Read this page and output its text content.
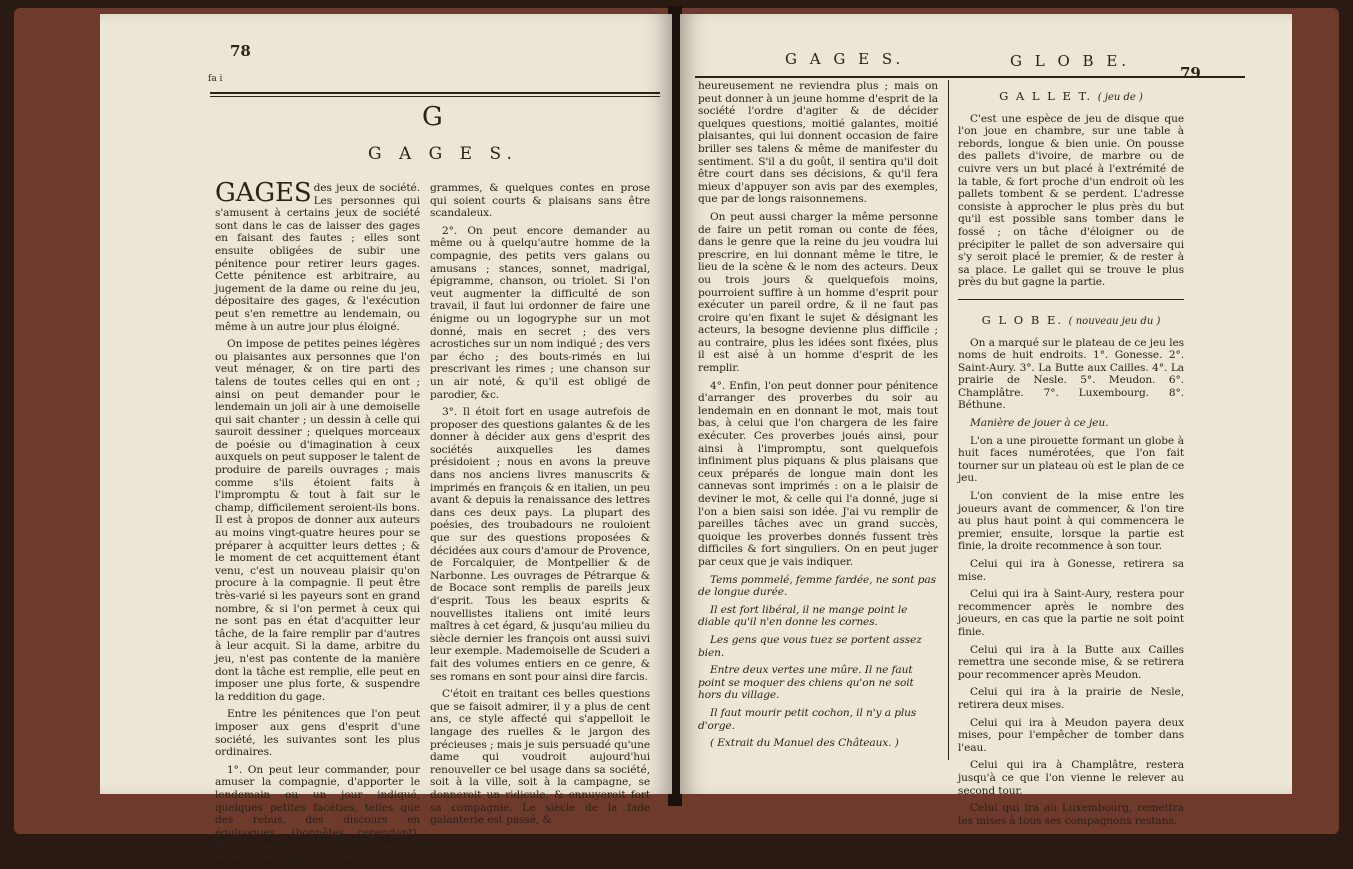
78
fa i
G
G A G E S.

GAGES des jeux de société. Les personnes qui s'amusent à certains jeux de société sont dans le cas de laisser des gages en faisant des fautes ; elles sont ensuite obligées de subir une pénitence pour retirer leurs gages. Cette pénitence est arbitraire, au jugement de la dame ou reine du jeu, dépositaire des gages, & l'exécution peut s'en remettre au lendemain, ou même à un autre jour plus éloigné.

On impose de petites peines légères ou plaisantes aux personnes que l'on veut ménager, & on tire parti des talens de toutes celles qui en ont ; ainsi on peut demander pour le lendemain un joli air à une demoiselle qui sait chanter ; un dessin à celle qui sauroit dessiner ; quelques morceaux de poésie ou d'imagination à ceux auxquels on peut supposer le talent de produire de pareils ouvrages ; mais comme s'ils étoient faits à l'impromptu & tout à fait sur le champ, difficilement seroient-ils bons. Il est à propos de donner aux auteurs au moins vingt-quatre heures pour se préparer à acquitter leurs dettes ; & le moment de cet acquittement étant venu, c'est un nouveau plaisir qu'on procure à la compagnie. Il peut être très-varié si les payeurs sont en grand nombre, & si l'on permet à ceux qui ne sont pas en état d'acquitter leur tâche, de la faire remplir par d'autres à leur acquit. Si la dame, arbitre du jeu, n'est pas contente de la manière dont la tâche est remplie, elle peut en imposer une plus forte, & suspendre la reddition du gage.

Entre les pénitences que l'on peut imposer aux gens d'esprit d'une société, les suivantes sont les plus ordinaires.

1°. On peut leur commander, pour amuser la compagnie, d'apporter le lendemain ou un jour indiqué, quelques petites facéties, telles que des rebus, des discours en équivoques, (honnêtes cependant), des charades ou petites énigmes, ou logogriphes en prose ; des ana-

grammes, & quelques contes en prose qui soient courts & plaisans sans être scandaleux.

2°. On peut encore demander au même ou à quelqu'autre homme de la compagnie, des petits vers galans ou amusans ; stances, sonnet, madrigal, épigramme, chanson, ou triolet. Si l'on veut augmenter la difficulté de son travail, il faut lui ordonner de faire une énigme ou un logogryphe sur un mot donné, mais en secret ; des vers acrostiches sur un nom indiqué ; des vers par écho ; des bouts-rimés en lui prescrivant les rimes ; une chanson sur un air noté, & qu'il est obligé de parodier, &c.

3°. Il étoit fort en usage autrefois de proposer des questions galantes & de les donner à décider aux gens d'esprit des sociétés auxquelles les dames présidoient ; nous en avons la preuve dans nos anciens livres manuscrits & imprimés en françois & en italien, un peu avant & depuis la renaissance des lettres dans ces deux pays. La plupart des poésies, des troubadours ne rouloient que sur des questions proposées & décidées aux cours d'amour de Provence, de Forcalquier, de Montpellier & de Narbonne. Les ouvrages de Pétrarque & de Bocace sont remplis de pareils jeux d'esprit. Tous les beaux esprits & nouvellistes italiens ont imité leurs maîtres à cet égard, & jusqu'au milieu du siècle dernier les françois ont aussi suivi leur exemple. Mademoiselle de Scuderi a fait des volumes entiers en ce genre, & ses romans en sont pour ainsi dire farcis.

C'étoit en traitant ces belles questions que se faisoit admirer, il y a plus de cent ans, ce style affecté qui s'appelloit le langage des ruelles & le jargon des précieuses ; mais je suis persuadé qu'une dame qui voudroit aujourd'hui renouveller ce bel usage dans sa société, soit à la ville, soit à la campagne, se donneroit un ridicule, & ennuyeroit fort sa compagnie. Le siècle de la fade galanterie est passé, &

G A G E S.	G L O B E.
79

heureusement ne reviendra plus ; mais on peut donner à un jeune homme d'esprit de la société l'ordre d'agiter & de décider quelques questions, moitié galantes, moitié plaisantes, qui lui donnent occasion de faire briller ses talens & même de manifester du sentiment. S'il a du goût, il sentira qu'il doit être court dans ses décisions, & qu'il fera mieux d'appuyer son avis par des exemples, que par de longs raisonnemens.

On peut aussi charger la même personne de faire un petit roman ou conte de fées, dans le genre que la reine du jeu voudra lui prescrire, en lui donnant même le titre, le lieu de la scène & le nom des acteurs. Deux ou trois jours & quelquefois moins, pourroient suffire à un homme d'esprit pour exécuter un pareil ordre, & il ne faut pas croire qu'en fixant le sujet & désignant les acteurs, la besogne devienne plus difficile ; au contraire, plus les idées sont fixées, plus il est aisé à un homme d'esprit de les remplir.

4°. Enfin, l'on peut donner pour pénitence d'arranger des proverbes du soir au lendemain en en donnant le mot, mais tout bas, à celui que l'on chargera de les faire exécuter. Ces proverbes joués ainsi, pour ainsi à l'impromptu, sont quelquefois infiniment plus piquans & plus plaisans que ceux préparés de longue main dont les cannevas sont imprimés : on a le plaisir de deviner le mot, & celle qui l'a donné, juge si l'on a bien saisi son idée. J'ai vu remplir de pareilles tâches avec un grand succès, quoique les proverbes donnés fussent très difficiles & fort singuliers. On en peut juger par ceux que je vais indiquer.

Tems pommelé, femme fardée, ne sont pas de longue durée.

Il est fort libéral, il ne mange point le diable qu'il n'en donne les cornes.

Les gens que vous tuez se portent assez bien.

Entre deux vertes une mûre. Il ne faut point se moquer des chiens qu'on ne soit hors du village.

Il faut mourir petit cochon, il n'y a plus d'orge.

( Extrait du Manuel des Châteaux. )

G A L L E T. ( jeu de )

C'est une espèce de jeu de disque que l'on joue en chambre, sur une table à rebords, longue & bien unie. On pousse des pallets d'ivoire, de marbre ou de cuivre vers un but placé à l'extrémité de la table, & fort proche d'un endroit où les pallets tombent & se perdent. L'adresse consiste à approcher le plus près du but qu'il est possible sans tomber dans le fossé ; on tâche d'éloigner ou de précipiter le pallet de son adversaire qui s'y seroit placé le premier, & de rester à sa place. Le gallet qui se trouve le plus près du but gagne la partie.

G L O B E. ( nouveau jeu du )

On a marqué sur le plateau de ce jeu les noms de huit endroits. 1°. Gonesse. 2°. Saint-Aury. 3°. La Butte aux Cailles. 4°. La prairie de Nesle. 5°. Meudon. 6°. Champlâtre. 7°. Luxembourg. 8°. Béthune.

Manière de jouer à ce jeu.

L'on a une pirouette formant un globe à huit faces numérotées, que l'on fait tourner sur un plateau où est le plan de ce jeu.

L'on convient de la mise entre les joueurs avant de commencer, & l'on tire au plus haut point à qui commencera le premier, ensuite, lorsque la partie est finie, la droite recommence à son tour.

Celui qui ira à Gonesse, retirera sa mise.

Celui qui ira à Saint-Aury, restera pour recommencer après le nombre des joueurs, en cas que la partie ne soit point finie.

Celui qui ira à la Butte aux Cailles remettra une seconde mise, & se retirera pour recommencer après Meudon.

Celui qui ira à la prairie de Nesle, retirera deux mises.

Celui qui ira à Meudon payera deux mises, pour l'empêcher de tomber dans l'eau.

Celui qui ira à Champlâtre, restera jusqu'à ce que l'on vienne le relever au second tour.

Celui qui ira au Luxembourg, remettra les mises à tous ses compagnons restans.
